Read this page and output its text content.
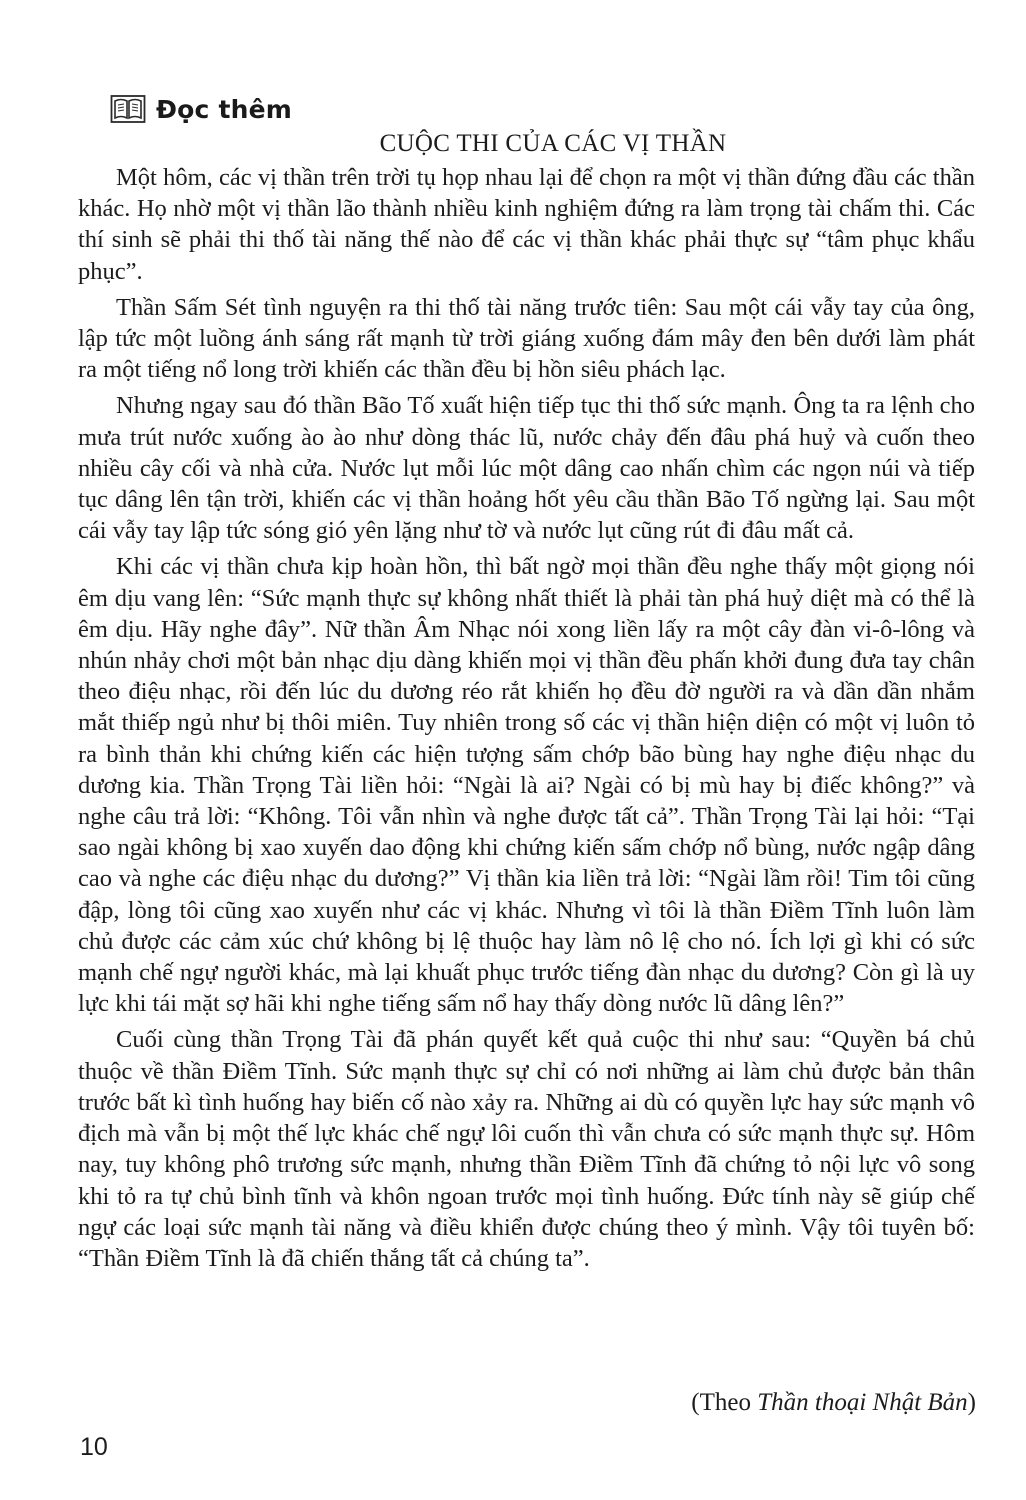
Đọc thêm
CUỘC THI CỦA CÁC VỊ THẦN

Một hôm, các vị thần trên trời tụ họp nhau lại để chọn ra một vị thần đứng đầu các thần khác. Họ nhờ một vị thần lão thành nhiều kinh nghiệm đứng ra làm trọng tài chấm thi. Các thí sinh sẽ phải thi thố tài năng thế nào để các vị thần khác phải thực sự “tâm phục khẩu phục”.

Thần Sấm Sét tình nguyện ra thi thố tài năng trước tiên: Sau một cái vẫy tay của ông, lập tức một luồng ánh sáng rất mạnh từ trời giáng xuống đám mây đen bên dưới làm phát ra một tiếng nổ long trời khiến các thần đều bị hồn siêu phách lạc.

Nhưng ngay sau đó thần Bão Tố xuất hiện tiếp tục thi thố sức mạnh. Ông ta ra lệnh cho mưa trút nước xuống ào ào như dòng thác lũ, nước chảy đến đâu phá huỷ và cuốn theo nhiều cây cối và nhà cửa. Nước lụt mỗi lúc một dâng cao nhấn chìm các ngọn núi và tiếp tục dâng lên tận trời, khiến các vị thần hoảng hốt yêu cầu thần Bão Tố ngừng lại. Sau một cái vẫy tay lập tức sóng gió yên lặng như tờ và nước lụt cũng rút đi đâu mất cả.

Khi các vị thần chưa kịp hoàn hồn, thì bất ngờ mọi thần đều nghe thấy một giọng nói êm dịu vang lên: “Sức mạnh thực sự không nhất thiết là phải tàn phá huỷ diệt mà có thể là êm dịu. Hãy nghe đây”. Nữ thần Âm Nhạc nói xong liền lấy ra một cây đàn vi-ô-lông và nhún nhảy chơi một bản nhạc dịu dàng khiến mọi vị thần đều phấn khởi đung đưa tay chân theo điệu nhạc, rồi đến lúc du dương réo rắt khiến họ đều đờ người ra và dần dần nhắm mắt thiếp ngủ như bị thôi miên. Tuy nhiên trong số các vị thần hiện diện có một vị luôn tỏ ra bình thản khi chứng kiến các hiện tượng sấm chớp bão bùng hay nghe điệu nhạc du dương kia. Thần Trọng Tài liền hỏi: “Ngài là ai? Ngài có bị mù hay bị điếc không?” và nghe câu trả lời: “Không. Tôi vẫn nhìn và nghe được tất cả”. Thần Trọng Tài lại hỏi: “Tại sao ngài không bị xao xuyến dao động khi chứng kiến sấm chớp nổ bùng, nước ngập dâng cao và nghe các điệu nhạc du dương?” Vị thần kia liền trả lời: “Ngài lầm rồi! Tim tôi cũng đập, lòng tôi cũng xao xuyến như các vị khác. Nhưng vì tôi là thần Điềm Tĩnh luôn làm chủ được các cảm xúc chứ không bị lệ thuộc hay làm nô lệ cho nó. Ích lợi gì khi có sức mạnh chế ngự người khác, mà lại khuất phục trước tiếng đàn nhạc du dương? Còn gì là uy lực khi tái mặt sợ hãi khi nghe tiếng sấm nổ hay thấy dòng nước lũ dâng lên?”

Cuối cùng thần Trọng Tài đã phán quyết kết quả cuộc thi như sau: “Quyền bá chủ thuộc về thần Điềm Tĩnh. Sức mạnh thực sự chỉ có nơi những ai làm chủ được bản thân trước bất kì tình huống hay biến cố nào xảy ra. Những ai dù có quyền lực hay sức mạnh vô địch mà vẫn bị một thế lực khác chế ngự lôi cuốn thì vẫn chưa có sức mạnh thực sự. Hôm nay, tuy không phô trương sức mạnh, nhưng thần Điềm Tĩnh đã chứng tỏ nội lực vô song khi tỏ ra tự chủ bình tĩnh và khôn ngoan trước mọi tình huống. Đức tính này sẽ giúp chế ngự các loại sức mạnh tài năng và điều khiển được chúng theo ý mình. Vậy tôi tuyên bố: “Thần Điềm Tĩnh là đã chiến thắng tất cả chúng ta”.

(Theo Thần thoại Nhật Bản)
10
